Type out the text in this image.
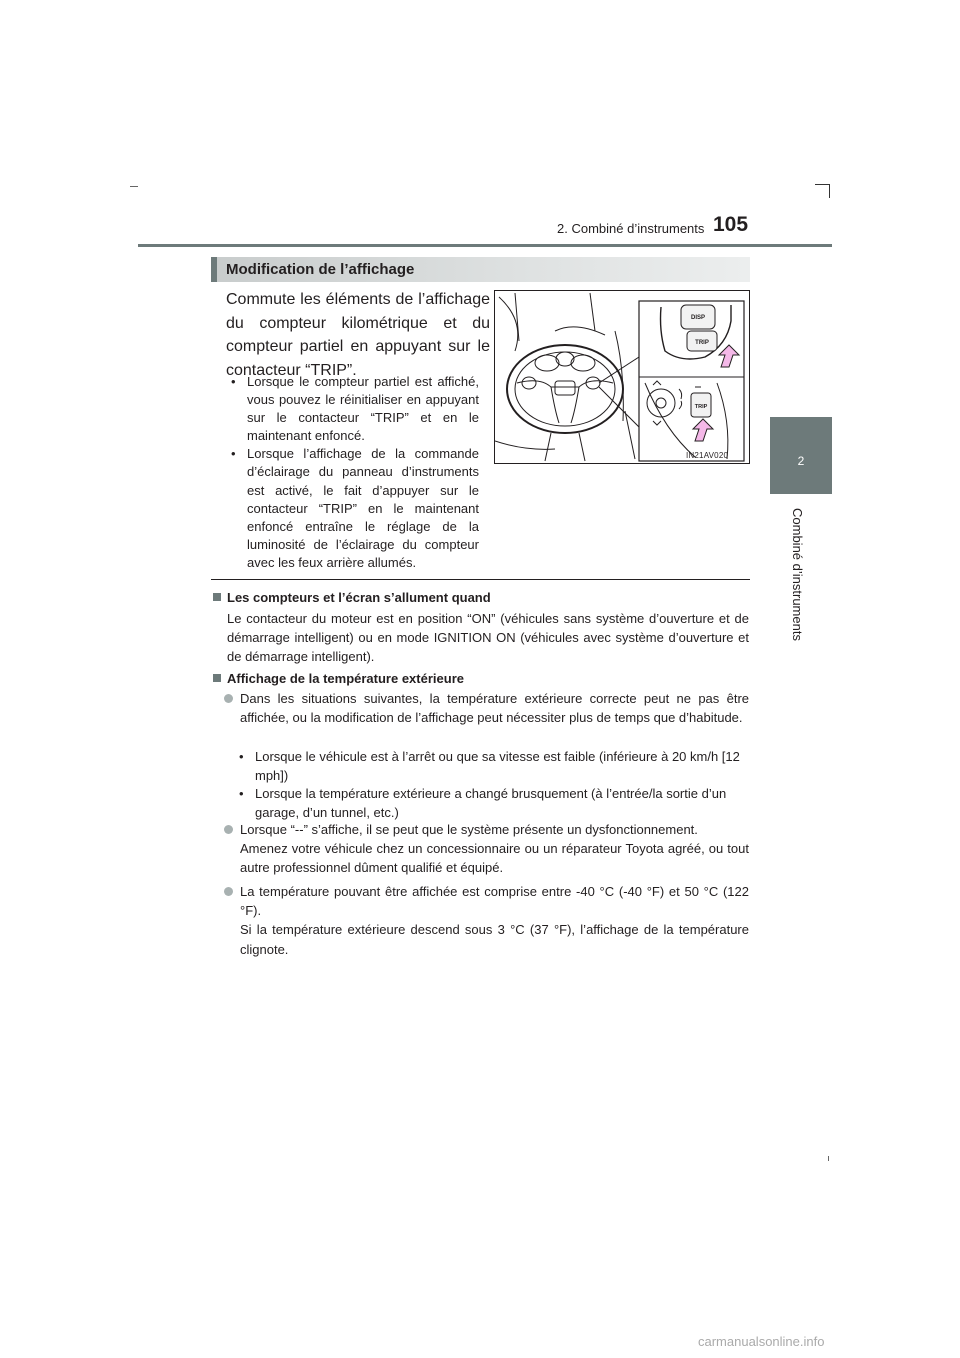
2. Combiné d’instruments 105
2
Combiné d’instruments
Modification de l’affichage
Commute les éléments de l’affichage du compteur kilométrique et du compteur partiel en appuyant sur le contacteur “TRIP”.

• Lorsque le compteur partiel est affiché, vous pouvez le réinitialiser en appuyant sur le contacteur “TRIP” et en le maintenant enfoncé.

• Lorsque l’affichage de la commande d’éclairage du panneau d’instruments est activé, le fait d’appuyer sur le contacteur “TRIP” en le maintenant enfoncé entraîne le réglage de la luminosité de l’éclairage du compteur avec les feux arrière allumés.

DISP
TRIP
TRIP
IN21AV020
Les compteurs et l’écran s’allument quand
Le contacteur du moteur est en position “ON” (véhicules sans système d’ouverture et de démarrage intelligent) ou en mode IGNITION ON (véhicules avec système d’ouverture et de démarrage intelligent).
Affichage de la température extérieure
Dans les situations suivantes, la température extérieure correcte peut ne pas être affichée, ou la modification de l’affichage peut nécessiter plus de temps que d’habitude.
• Lorsque le véhicule est à l’arrêt ou que sa vitesse est faible (inférieure à 20 km/h [12 mph])
• Lorsque la température extérieure a changé brusquement (à l’entrée/la sortie d’un garage, d’un tunnel, etc.)
Lorsque “--” s’affiche, il se peut que le système présente un dysfonctionnement.
Amenez votre véhicule chez un concessionnaire ou un réparateur Toyota agréé, ou tout autre professionnel dûment qualifié et équipé.
La température pouvant être affichée est comprise entre -40 °C (-40 °F) et 50 °C (122 °F).
Si la température extérieure descend sous 3 °C (37 °F), l’affichage de la température clignote.
carmanualsonline.info
